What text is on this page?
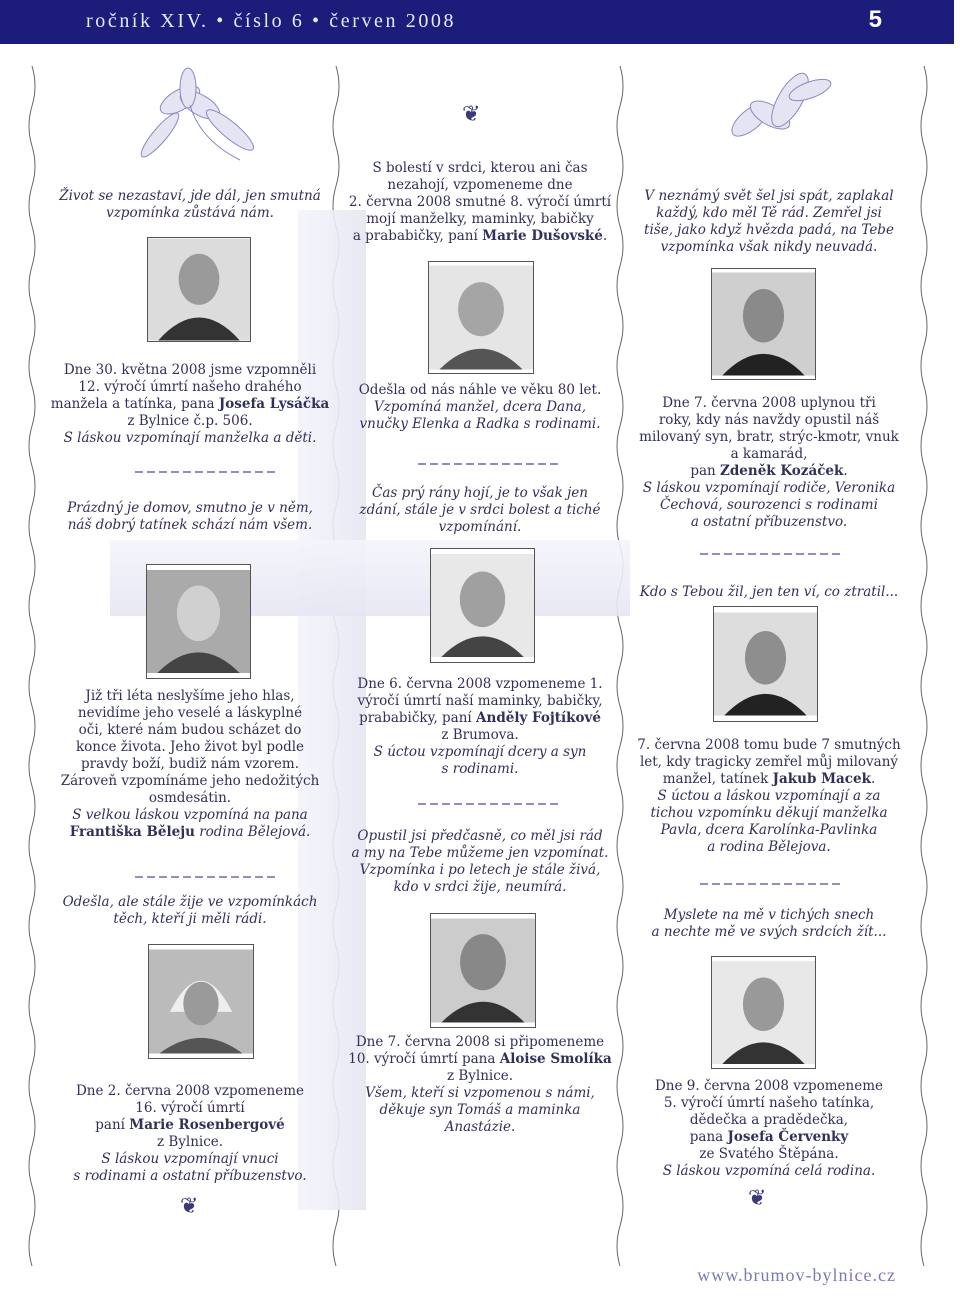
ročník XIV. • číslo 6 • červen 2008	5
❦
❦	❦
Život se nezastaví, jde dál, jen smutná
vzpomínka zůstává nám.
Dne 30. května 2008 jsme vzpomněli
12. výročí úmrtí našeho drahého
manžela a tatínka, pana Josefa Lysáčka
z Bylnice č.p. 506.
S láskou vzpomínají manželka a děti.
Prázdný je domov, smutno je v něm,
náš dobrý tatínek schází nám všem.
Již tři léta neslyšíme jeho hlas,
nevidíme jeho veselé a láskyplné
oči, které nám budou scházet do
konce života. Jeho život byl podle
pravdy boží, budiž nám vzorem.
Zároveň vzpomínáme jeho nedožitých
osmdesátin.
S velkou láskou vzpomíná na pana
Františka Běleju rodina Bělejová.
Odešla, ale stále žije ve vzpomínkách
těch, kteří ji měli rádi.
Dne 2. června 2008 vzpomeneme
16. výročí úmrtí
paní Marie Rosenbergové
z Bylnice.
S láskou vzpomínají vnuci
s rodinami a ostatní příbuzenstvo.
S bolestí v srdci, kterou ani čas
nezahojí, vzpomeneme dne
2. června 2008 smutné 8. výročí úmrtí
mojí manželky, maminky, babičky
a prababičky, paní Marie Dušovské.
Odešla od nás náhle ve věku 80 let.
Vzpomíná manžel, dcera Dana,
vnučky Elenka a Radka s rodinami.
Čas prý rány hojí, je to však jen
zdání, stále je v srdci bolest a tiché
vzpomínání.
Dne 6. června 2008 vzpomeneme 1.
výročí úmrtí naší maminky, babičky,
prababičky, paní Anděly Fojtíkové
z Brumova.
S úctou vzpomínají dcery a syn
s rodinami.
Opustil jsi předčasně, co měl jsi rád
a my na Tebe můžeme jen vzpomínat.
Vzpomínka i po letech je stále živá,
kdo v srdci žije, neumírá.
Dne 7. června 2008 si připomeneme
10. výročí úmrtí pana Aloise Smolíka
z Bylnice.
Všem, kteří si vzpomenou s námi,
děkuje syn Tomáš a maminka
Anastázie.
V neznámý svět šel jsi spát, zaplakal
každý, kdo měl Tě rád. Zemřel jsi
tiše, jako když hvězda padá, na Tebe
vzpomínka však nikdy neuvadá.
Dne 7. června 2008 uplynou tři
roky, kdy nás navždy opustil náš
milovaný syn, bratr, strýc-kmotr, vnuk
a kamarád,
pan Zdeněk Kozáček.
S láskou vzpomínají rodiče, Veronika
Čechová, sourozenci s rodinami
a ostatní příbuzenstvo.
Kdo s Tebou žil, jen ten ví, co ztratil...
7. června 2008 tomu bude 7 smutných
let, kdy tragicky zemřel můj milovaný
manžel, tatínek Jakub Macek.
S úctou a láskou vzpomínají a za
tichou vzpomínku děkují manželka
Pavla, dcera Karolínka-Pavlinka
a rodina Bělejova.
Myslete na mě v tichých snech
a nechte mě ve svých srdcích žít...
Dne 9. června 2008 vzpomeneme
5. výročí úmrtí našeho tatínka,
dědečka a pradědečka,
pana Josefa Červenky
ze Svatého Štěpána.
S láskou vzpomíná celá rodina.
www.brumov-bylnice.cz
